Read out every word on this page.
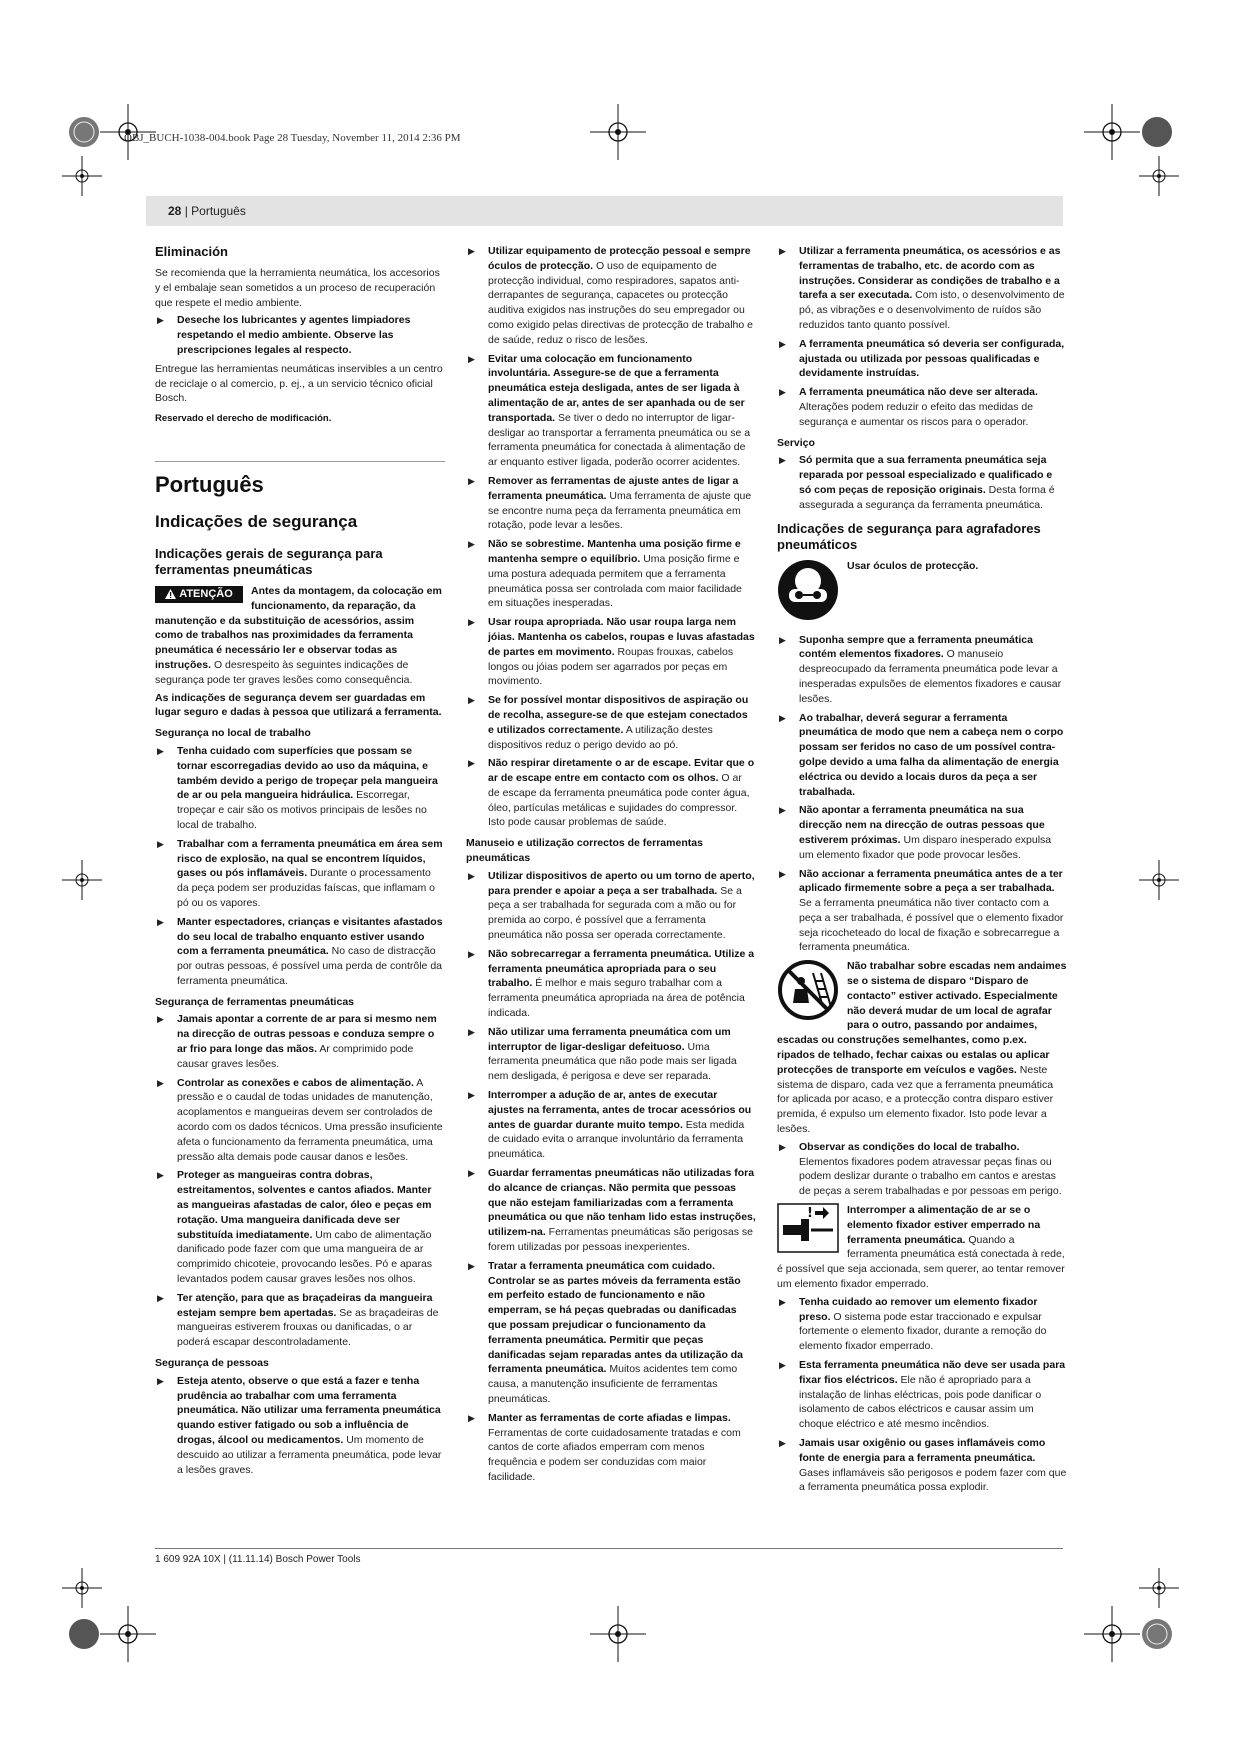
OBJ_BUCH-1038-004.book Page 28 Tuesday, November 11, 2014 2:36 PM
28 | Português
Eliminación

Se recomienda que la herramienta neumática, los accesorios y el embalaje sean sometidos a un proceso de recuperación que respete el medio ambiente.

▶ Deseche los lubricantes y agentes limpiadores respetando el medio ambiente. Observe las prescripciones legales al respecto.

Entregue las herramientas neumáticas inservibles a un centro de reciclaje o al comercio, p. ej., a un servicio técnico oficial Bosch.

Reservado el derecho de modificación.

Português
Indicações de segurança
Indicações gerais de segurança para ferramentas pneumáticas

ATENÇÃO	Antes da montagem, da colocação em funcionamento, da reparação, da manutenção e da substituição de acessórios, assim como de trabalhos nas proximidades da ferramenta pneumática é necessário ler e observar todas as instruções. O desrespeito às seguintes indicações de segurança pode ter graves lesões como consequência.

As indicações de segurança devem ser guardadas em lugar seguro e dadas à pessoa que utilizará a ferramenta.

Segurança no local de trabalho
▶ Tenha cuidado com superfícies que possam se tornar escorregadias devido ao uso da máquina, e também devido a perigo de tropeçar pela mangueira de ar ou pela mangueira hidráulica. Escorregar, tropeçar e cair são os motivos principais de lesões no local de trabalho.
▶ Trabalhar com a ferramenta pneumática em área sem risco de explosão, na qual se encontrem líquidos, gases ou pós inflamáveis. Durante o processamento da peça podem ser produzidas faíscas, que inflamam o pó ou os vapores.
▶ Manter espectadores, crianças e visitantes afastados do seu local de trabalho enquanto estiver usando com a ferramenta pneumática. No caso de distracção por outras pessoas, é possível uma perda de contrôle da ferramenta pneumática.
Segurança de ferramentas pneumáticas
▶ Jamais apontar a corrente de ar para si mesmo nem na direcção de outras pessoas e conduza sempre o ar frio para longe das mãos. Ar comprimido pode causar graves lesões.
▶ Controlar as conexões e cabos de alimentação. A pressão e o caudal de todas unidades de manutenção, acoplamentos e mangueiras devem ser controlados de acordo com os dados técnicos. Uma pressão insuficiente afeta o funcionamento da ferramenta pneumática, uma pressão alta demais pode causar danos e lesões.
▶ Proteger as mangueiras contra dobras, estreitamentos, solventes e cantos afiados. Manter as mangueiras afastadas de calor, óleo e peças em rotação. Uma mangueira danificada deve ser substituída imediatamente. Um cabo de alimentação danificado pode fazer com que uma mangueira de ar comprimido chicoteie, provocando lesões. Pó e aparas levantados podem causar graves lesões nos olhos.
▶ Ter atenção, para que as braçadeiras da mangueira estejam sempre bem apertadas. Se as braçadeiras de mangueiras estiverem frouxas ou danificadas, o ar poderá escapar descontroladamente.
Segurança de pessoas
▶ Esteja atento, observe o que está a fazer e tenha prudência ao trabalhar com uma ferramenta pneumática. Não utilizar uma ferramenta pneumática quando estiver fatigado ou sob a influência de drogas, álcool ou medicamentos. Um momento de descuido ao utilizar a ferramenta pneumática, pode levar a lesões graves.
▶ Utilizar equipamento de protecção pessoal e sempre óculos de protecção. O uso de equipamento de protecção individual, como respiradores, sapatos anti-derrapantes de segurança, capacetes ou protecção auditiva exigidos nas instruções do seu empregador ou como exigido pelas directivas de protecção de trabalho e de saúde, reduz o risco de lesões.
▶ Evitar uma colocação em funcionamento involuntária. Assegure-se de que a ferramenta pneumática esteja desligada, antes de ser ligada à alimentação de ar, antes de ser apanhada ou de ser transportada. Se tiver o dedo no interruptor de ligar-desligar ao transportar a ferramenta pneumática ou se a ferramenta pneumática for conectada à alimentação de ar enquanto estiver ligada, poderão ocorrer acidentes.
▶ Remover as ferramentas de ajuste antes de ligar a ferramenta pneumática. Uma ferramenta de ajuste que se encontre numa peça da ferramenta pneumática em rotação, pode levar a lesões.
▶ Não se sobrestime. Mantenha uma posição firme e mantenha sempre o equilíbrio. Uma posição firme e uma postura adequada permitem que a ferramenta pneumática possa ser controlada com maior facilidade em situações inesperadas.
▶ Usar roupa apropriada. Não usar roupa larga nem jóias. Mantenha os cabelos, roupas e luvas afastadas de partes em movimento. Roupas frouxas, cabelos longos ou jóias podem ser agarrados por peças em movimento.
▶ Se for possível montar dispositivos de aspiração ou de recolha, assegure-se de que estejam conectados e utilizados correctamente. A utilização destes dispositivos reduz o perigo devido ao pó.
▶ Não respirar diretamente o ar de escape. Evitar que o ar de escape entre em contacto com os olhos. O ar de escape da ferramenta pneumática pode conter água, óleo, partículas metálicas e sujidades do compressor. Isto pode causar problemas de saúde.
Manuseio e utilização correctos de ferramentas pneumáticas
▶ Utilizar dispositivos de aperto ou um torno de aperto, para prender e apoiar a peça a ser trabalhada. Se a peça a ser trabalhada for segurada com a mão ou for premida ao corpo, é possível que a ferramenta pneumática não possa ser operada correctamente.
▶ Não sobrecarregar a ferramenta pneumática. Utilize a ferramenta pneumática apropriada para o seu trabalho. É melhor e mais seguro trabalhar com a ferramenta pneumática apropriada na área de potência indicada.
▶ Não utilizar uma ferramenta pneumática com um interruptor de ligar-desligar defeituoso. Uma ferramenta pneumática que não pode mais ser ligada nem desligada, é perigosa e deve ser reparada.
▶ Interromper a adução de ar, antes de executar ajustes na ferramenta, antes de trocar acessórios ou antes de guardar durante muito tempo. Esta medida de cuidado evita o arranque involuntário da ferramenta pneumática.
▶ Guardar ferramentas pneumáticas não utilizadas fora do alcance de crianças. Não permita que pessoas que não estejam familiarizadas com a ferramenta pneumática ou que não tenham lido estas instruções, utilizem-na. Ferramentas pneumáticas são perigosas se forem utilizadas por pessoas inexperientes.
▶ Tratar a ferramenta pneumática com cuidado. Controlar se as partes móveis da ferramenta estão em perfeito estado de funcionamento e não emperram, se há peças quebradas ou danificadas que possam prejudicar o funcionamento da ferramenta pneumática. Permitir que peças danificadas sejam reparadas antes da utilização da ferramenta pneumática. Muitos acidentes tem como causa, a manutenção insuficiente de ferramentas pneumáticas.
▶ Manter as ferramentas de corte afiadas e limpas. Ferramentas de corte cuidadosamente tratadas e com cantos de corte afiados emperram com menos frequência e podem ser conduzidas com maior facilidade.
▶ Utilizar a ferramenta pneumática, os acessórios e as ferramentas de trabalho, etc. de acordo com as instruções. Considerar as condições de trabalho e a tarefa a ser executada. Com isto, o desenvolvimento de pó, as vibrações e o desenvolvimento de ruídos são reduzidos tanto quanto possível.
▶ A ferramenta pneumática só deveria ser configurada, ajustada ou utilizada por pessoas qualificadas e devidamente instruídas.
▶ A ferramenta pneumática não deve ser alterada. Alterações podem reduzir o efeito das medidas de segurança e aumentar os riscos para o operador.
Serviço
▶ Só permita que a sua ferramenta pneumática seja reparada por pessoal especializado e qualificado e só com peças de reposição originais. Desta forma é assegurada a segurança da ferramenta pneumática.
Indicações de segurança para agrafadores pneumáticos
Usar óculos de protecção.
▶ Suponha sempre que a ferramenta pneumática contém elementos fixadores. O manuseio despreocupado da ferramenta pneumática pode levar a inesperadas expulsões de elementos fixadores e causar lesões.
▶ Ao trabalhar, deverá segurar a ferramenta pneumática de modo que nem a cabeça nem o corpo possam ser feridos no caso de um possível contra-golpe devido a uma falha da alimentação de energia eléctrica ou devido a locais duros da peça a ser trabalhada.
▶ Não apontar a ferramenta pneumática na sua direcção nem na direcção de outras pessoas que estiverem próximas. Um disparo inesperado expulsa um elemento fixador que pode provocar lesões.
▶ Não accionar a ferramenta pneumática antes de a ter aplicado firmemente sobre a peça a ser trabalhada. Se a ferramenta pneumática não tiver contacto com a peça a ser trabalhada, é possível que o elemento fixador seja ricocheteado do local de fixação e sobrecarregue a ferramenta pneumática.

Não trabalhar sobre escadas nem andaimes se o sistema de disparo “Disparo de contacto” estiver activado. Especialmente não deverá mudar de um local de agrafar para o outro, passando por andaimes, escadas ou construções semelhantes, como p.ex. ripados de telhado, fechar caixas ou estalas ou aplicar protecções de transporte em veículos e vagões. Neste sistema de disparo, cada vez que a ferramenta pneumática for aplicada por acaso, e a protecção contra disparo estiver premida, é expulso um elemento fixador. Isto pode levar a lesões.

▶ Observar as condições do local de trabalho. Elementos fixadores podem atravessar peças finas ou podem deslizar durante o trabalho em cantos e arestas de peças a serem trabalhadas e por pessoas em perigo.

!	Interromper a alimentação de ar se o elemento fixador estiver emperrado na ferramenta pneumática. Quando a ferramenta pneumática está conectada à rede, é possível que seja accionada, sem querer, ao tentar remover um elemento fixador emperrado.

▶ Tenha cuidado ao remover um elemento fixador preso. O sistema pode estar traccionado e expulsar fortemente o elemento fixador, durante a remoção do elemento fixador emperrado.
▶ Esta ferramenta pneumática não deve ser usada para fixar fios eléctricos. Ele não é apropriado para a instalação de linhas eléctricas, pois pode danificar o isolamento de cabos eléctricos e causar assim um choque eléctrico e até mesmo incêndios.
▶ Jamais usar oxigênio ou gases inflamáveis como fonte de energia para a ferramenta pneumática. Gases inflamáveis são perigosos e podem fazer com que a ferramenta pneumática possa explodir.
1 609 92A 10X | (11.11.14) Bosch Power Tools
